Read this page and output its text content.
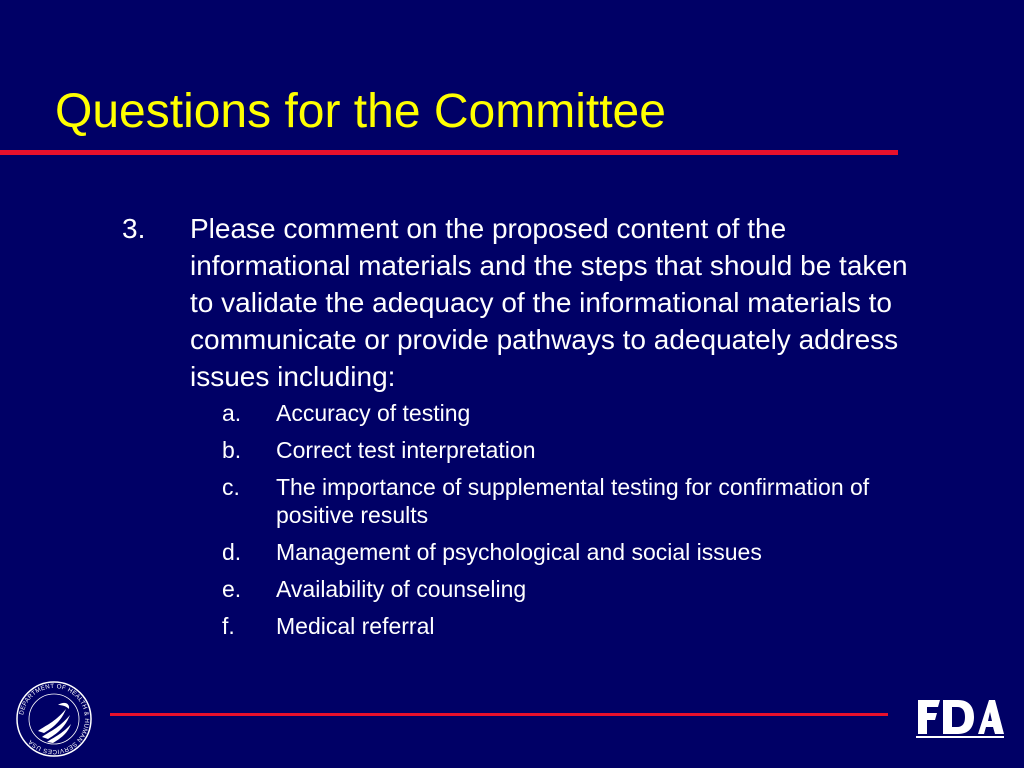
Questions for the Committee
3.	Please comment on the proposed content of the informational materials and the steps that should be taken to validate the adequacy of the informational materials to communicate or provide pathways to adequately address issues including:
a.	Accuracy of testing
b.	Correct test interpretation
c.	The importance of supplemental testing for confirmation of positive results
d.	Management of psychological and social issues
e.	Availability of counseling
f.	Medical referral
DEPARTMENT OF HEALTH & HUMAN SERVICES USA
